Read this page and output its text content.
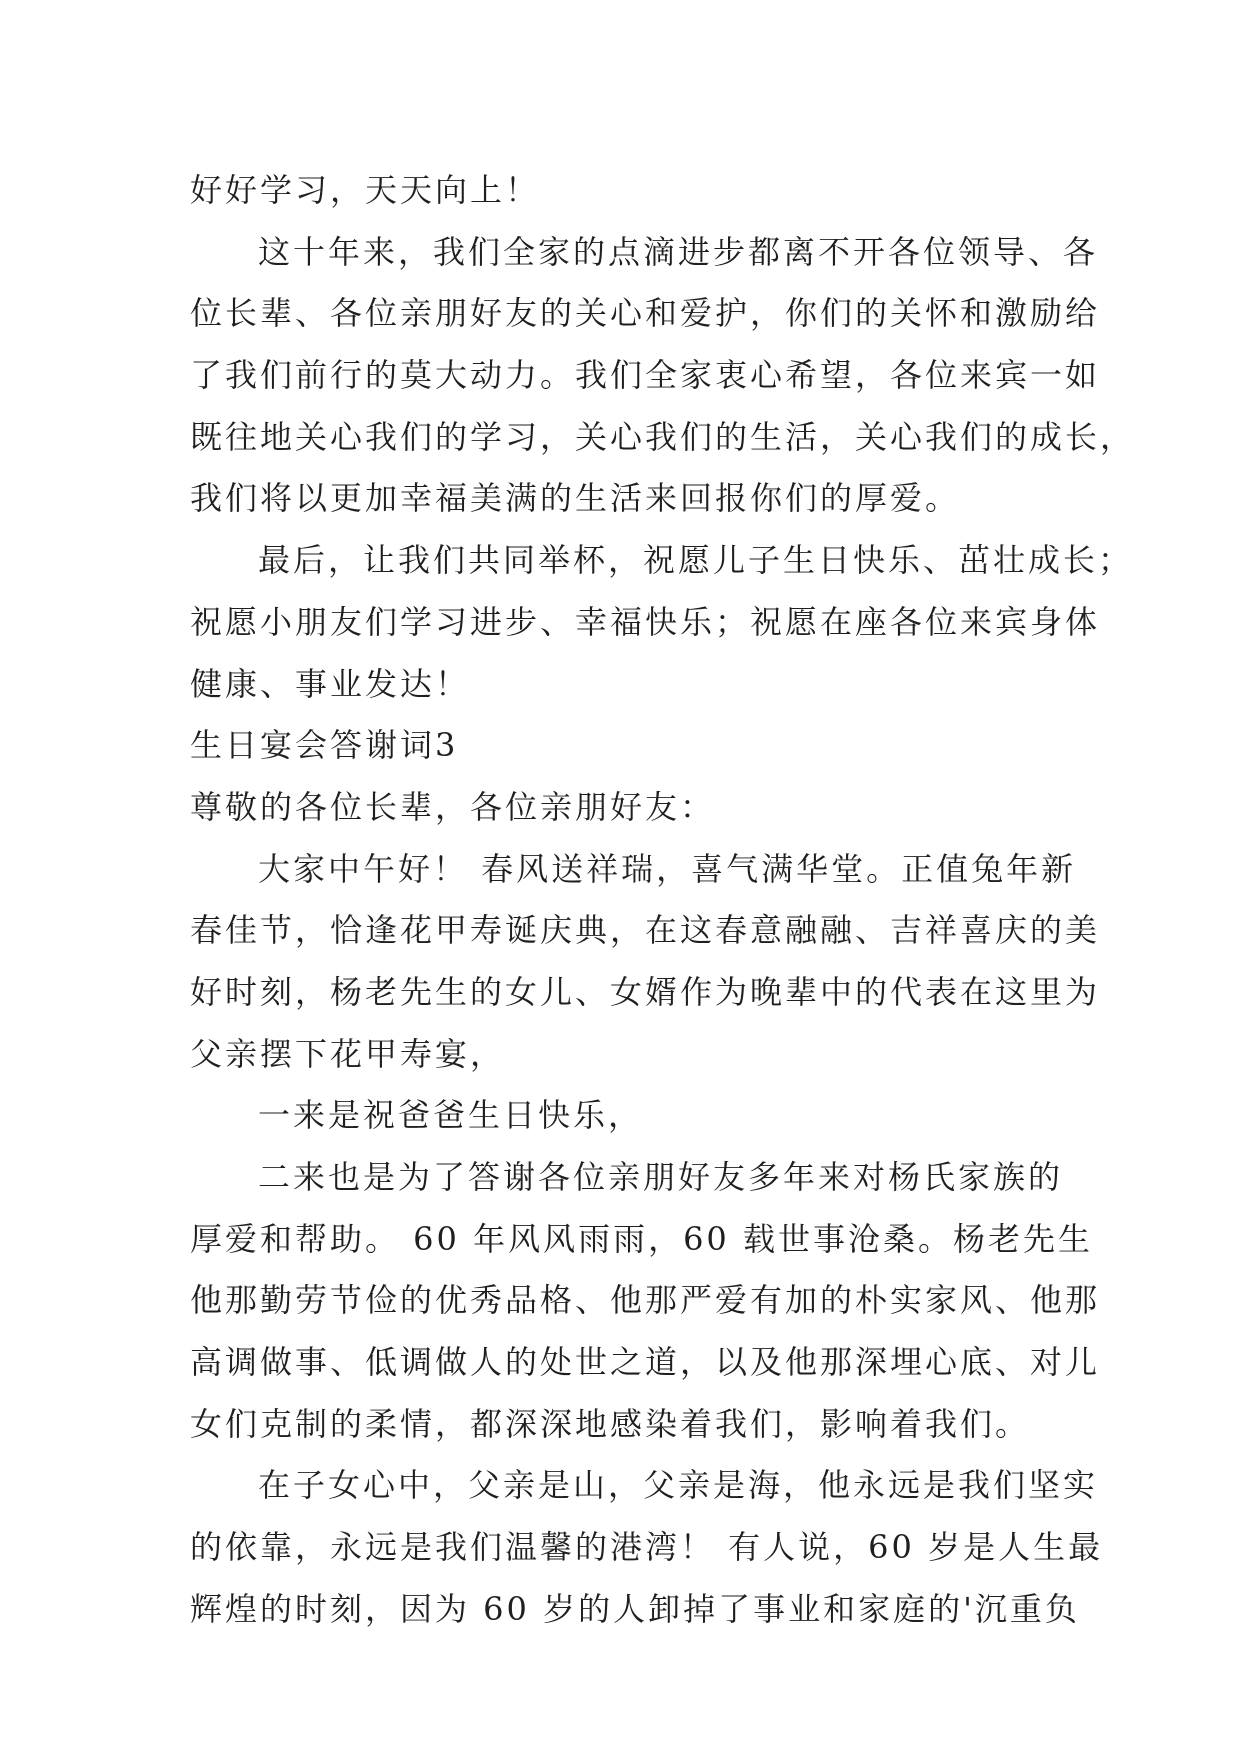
好好学习，天天向上！
这十年来，我们全家的点滴进步都离不开各位领导、各
位长辈、各位亲朋好友的关心和爱护，你们的关怀和激励给
了我们前行的莫大动力。我们全家衷心希望，各位来宾一如
既往地关心我们的学习，关心我们的生活，关心我们的成长，
我们将以更加幸福美满的生活来回报你们的厚爱。
最后，让我们共同举杯，祝愿儿子生日快乐、茁壮成长；
祝愿小朋友们学习进步、幸福快乐；祝愿在座各位来宾身体
健康、事业发达！
生日宴会答谢词3
尊敬的各位长辈，各位亲朋好友：
大家中午好！ 春风送祥瑞，喜气满华堂。正值兔年新
春佳节，恰逢花甲寿诞庆典，在这春意融融、吉祥喜庆的美
好时刻，杨老先生的女儿、女婿作为晚辈中的代表在这里为
父亲摆下花甲寿宴，
一来是祝爸爸生日快乐，
二来也是为了答谢各位亲朋好友多年来对杨氏家族的
厚爱和帮助。 60 年风风雨雨，60 载世事沧桑。杨老先生
他那勤劳节俭的优秀品格、他那严爱有加的朴实家风、他那
高调做事、低调做人的处世之道，以及他那深埋心底、对儿
女们克制的柔情，都深深地感染着我们，影响着我们。
在子女心中，父亲是山，父亲是海，他永远是我们坚实
的依靠，永远是我们温馨的港湾！ 有人说，60 岁是人生最
辉煌的时刻，因为 60 岁的人卸掉了事业和家庭的'沉重负
